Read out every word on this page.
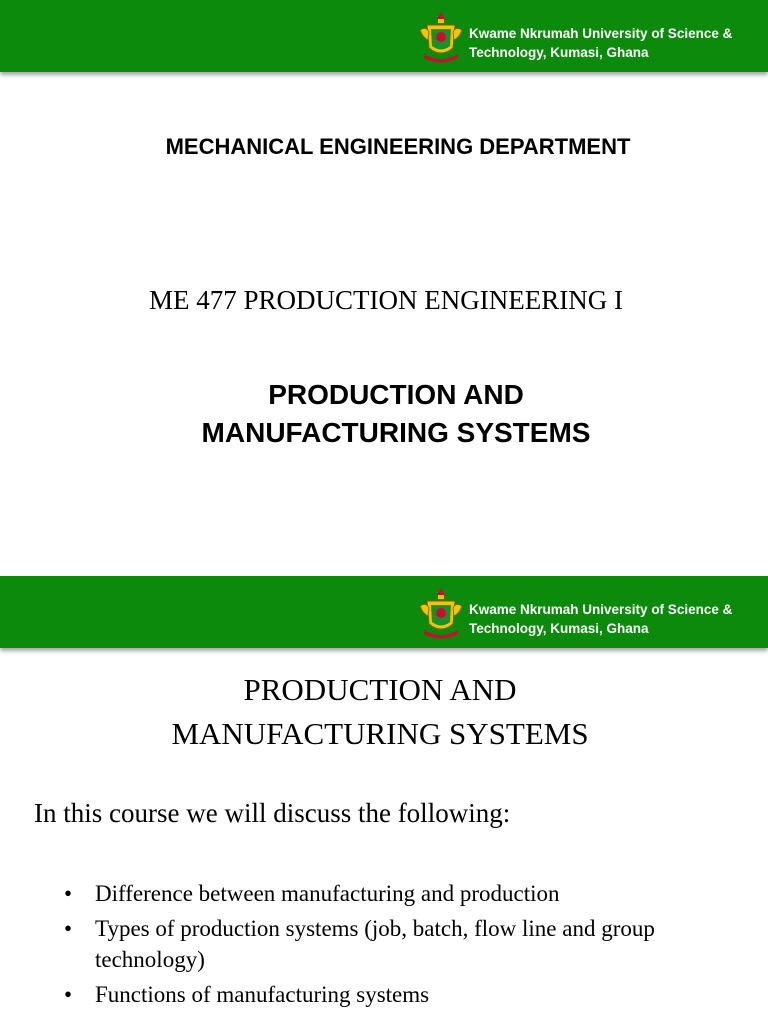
Kwame Nkrumah University of Science & Technology, Kumasi, Ghana
MECHANICAL ENGINEERING DEPARTMENT
ME 477 PRODUCTION ENGINEERING I
PRODUCTION AND
MANUFACTURING SYSTEMS
Kwame Nkrumah University of Science & Technology, Kumasi, Ghana
PRODUCTION AND
MANUFACTURING SYSTEMS
In this course we will discuss the following:
• Difference between manufacturing and production
• Types of production systems (job, batch, flow line and group technology)
• Functions of manufacturing systems
